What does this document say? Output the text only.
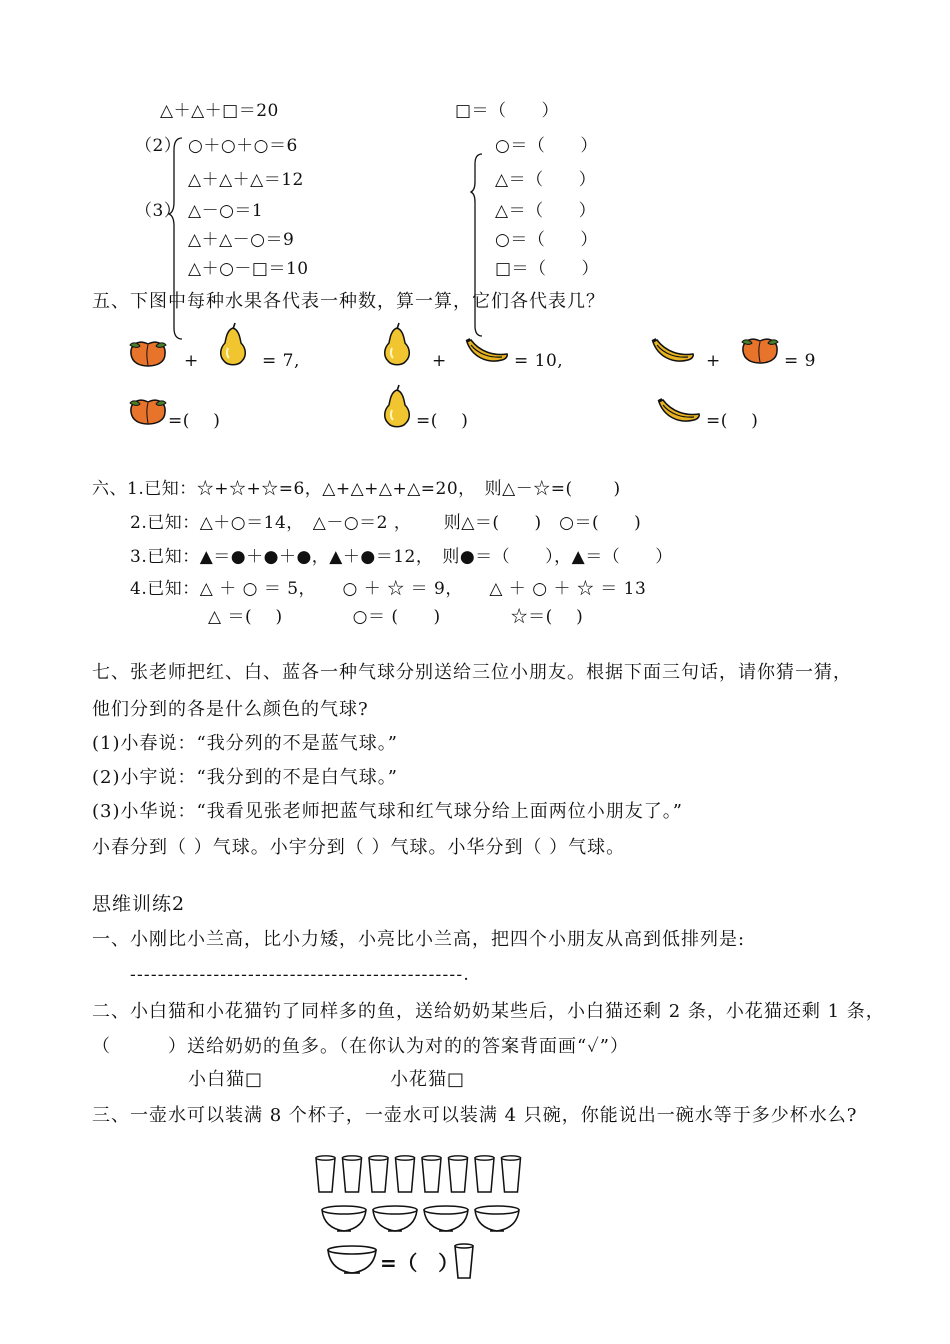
△＋△＋□＝20	□＝（　　）
（2） ○＋○＋○＝6	○＝（　　）
△＋△＋△＝12	△＝（　　）
（3） △－○＝1	△＝（　　）
△＋△－○＝9	○＝（　　）
△＋○－□＝10	□＝（　　）
五、下图中每种水果各代表一种数，算一算，它们各代表几？
+	= 7,	+	= 10,	+	= 9
=(　 )	=(　 )	=(　 )
六、1.已知：☆+☆+☆=6，△+△+△+△=20，　则△－☆=(　　 )
2.已知：△＋○＝14，　△－○＝2 ，　　 则△＝(　　)　○＝(　　)
3.已知：▲＝●＋●＋●，▲＋●＝12，　则●＝（　　），▲＝（　　）
4.已知：△ ＋ ○ ＝ 5，　　○ ＋ ☆ ＝ 9，　　△ ＋ ○ ＋ ☆ ＝ 13
△ ＝(　 )　　　　○＝ (　　)　　　　☆＝(　 )
七、张老师把红、白、蓝各一种气球分别送给三位小朋友。根据下面三句话，请你猜一猜，
他们分到的各是什么颜色的气球?
(1)小春说：“我分列的不是蓝气球。”
(2)小宇说：“我分到的不是白气球。”
(3)小华说：“我看见张老师把蓝气球和红气球分给上面两位小朋友了。”
小春分到（ ）气球。小宇分到（ ）气球。小华分到（ ）气球。
思维训练2
一、小刚比小兰高，比小力矮，小亮比小兰高，把四个小朋友从高到低排列是:
------------------------------------------------.
二、小白猫和小花猫钓了同样多的鱼，送给奶奶某些后，小白猫还剩 2 条，小花猫还剩 1 条，
（　　　）送给奶奶的鱼多。（在你认为对的的答案背面画“✓”）
小白猫□	小花猫□
三、一壶水可以装满 8 个杯子，一壶水可以装满 4 只碗，你能说出一碗水等于多少杯水么?
=（　）
